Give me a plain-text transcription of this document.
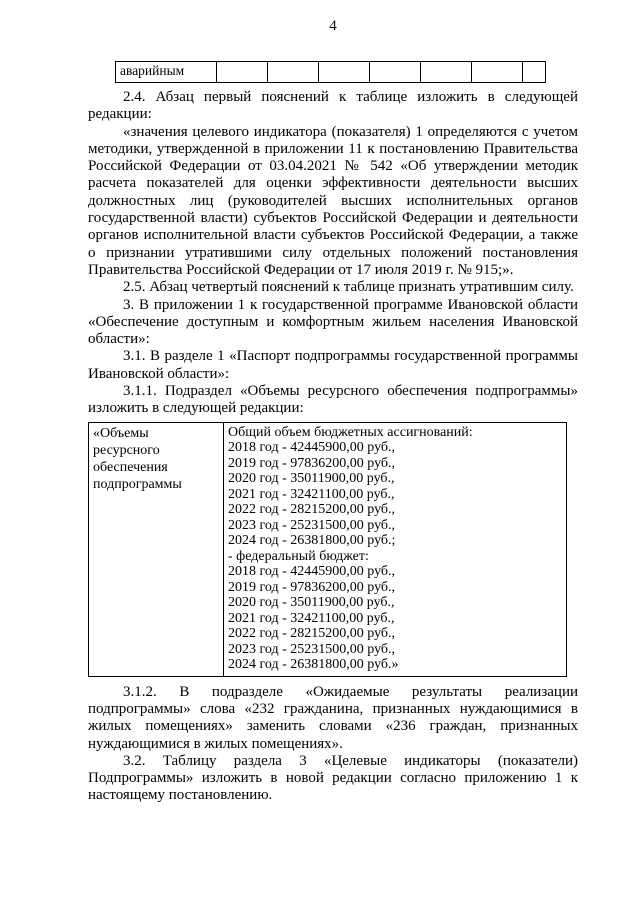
4
аварийным							

2.4. Абзац первый пояснений к таблице изложить в следующей редакции:

«значения целевого индикатора (показателя) 1 определяются с учетом методики, утвержденной в приложении 11 к постановлению Правительства Российской Федерации от 03.04.2021 № 542 «Об утверждении методик расчета показателей для оценки эффективности деятельности высших должностных лиц (руководителей высших исполнительных органов государственной власти) субъектов Российской Федерации и деятельности органов исполнительной власти субъектов Российской Федерации, а также о признании утратившими силу отдельных положений постановления Правительства Российской Федерации от 17 июля 2019 г. № 915;».

2.5. Абзац четвертый пояснений к таблице признать утратившим силу.

3. В приложении 1 к государственной программе Ивановской области «Обеспечение доступным и комфортным жильем населения Ивановской области»:

3.1. В разделе 1 «Паспорт подпрограммы государственной программы Ивановской области»:

3.1.1. Подраздел «Объемы ресурсного обеспечения подпрограммы» изложить в следующей редакции:

«Объемы ресурсного обеспечения подпрограммы	
Общий объем бюджетных ассигнований:
2018 год - 42445900,00 руб.,
2019 год - 97836200,00 руб.,
2020 год - 35011900,00 руб.,
2021 год - 32421100,00 руб.,
2022 год - 28215200,00 руб.,
2023 год - 25231500,00 руб.,
2024 год - 26381800,00 руб.;
- федеральный бюджет:
2018 год - 42445900,00 руб.,
2019 год - 97836200,00 руб.,
2020 год - 35011900,00 руб.,
2021 год - 32421100,00 руб.,
2022 год - 28215200,00 руб.,
2023 год - 25231500,00 руб.,
2024 год - 26381800,00 руб.»

3.1.2. В подразделе «Ожидаемые результаты реализации подпрограммы» слова «232 гражданина, признанных нуждающимися в жилых помещениях» заменить словами «236 граждан, признанных нуждающимися в жилых помещениях».

3.2. Таблицу раздела 3 «Целевые индикаторы (показатели) Подпрограммы» изложить в новой редакции согласно приложению 1 к настоящему постановлению.
